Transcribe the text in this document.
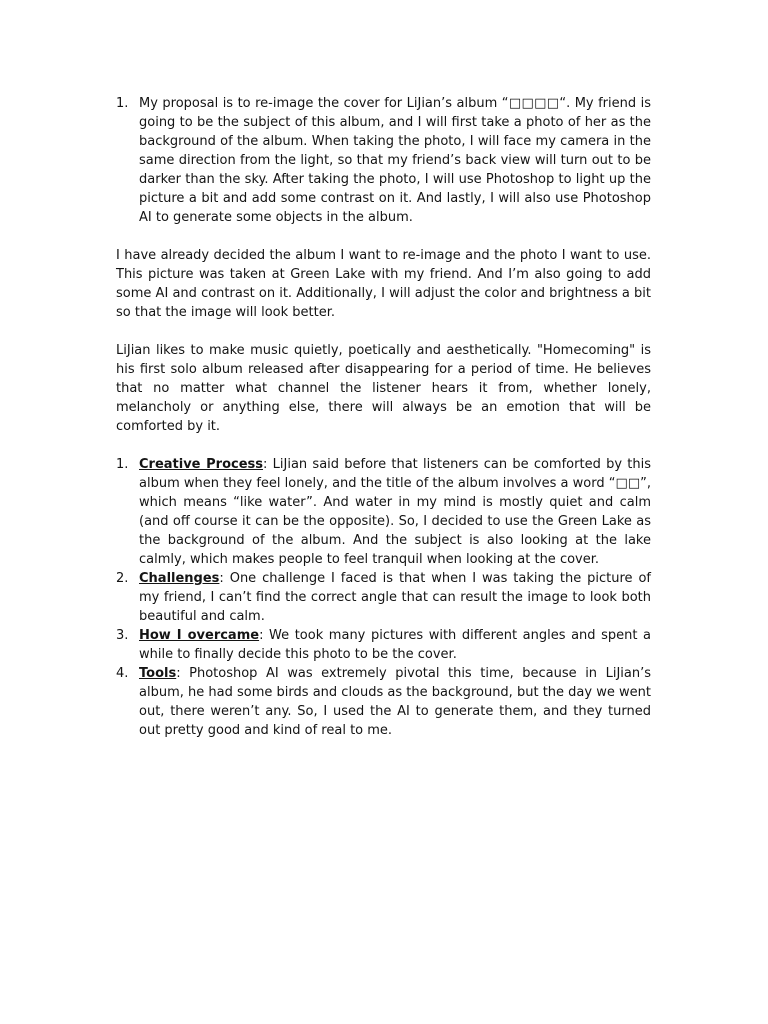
1. My proposal is to re-image the cover for LiJian’s album “□□□□“. My friend is going to be the subject of this album, and I will first take a photo of her as the background of the album. When taking the photo, I will face my camera in the same direction from the light, so that my friend’s back view will turn out to be darker than the sky. After taking the photo, I will use Photoshop to light up the picture a bit and add some contrast on it. And lastly, I will also use Photoshop AI to generate some objects in the album.

I have already decided the album I want to re-image and the photo I want to use. This picture was taken at Green Lake with my friend. And I’m also going to add some AI and contrast on it. Additionally, I will adjust the color and brightness a bit so that the image will look better.

LiJian likes to make music quietly, poetically and aesthetically. "Homecoming" is his first solo album released after disappearing for a period of time. He believes that no matter what channel the listener hears it from, whether lonely, melancholy or anything else, there will always be an emotion that will be comforted by it.

1. Creative Process: LiJian said before that listeners can be comforted by this album when they feel lonely, and the title of the album involves a word “□□”, which means “like water”. And water in my mind is mostly quiet and calm (and off course it can be the opposite). So, I decided to use the Green Lake as the background of the album. And the subject is also looking at the lake calmly, which makes people to feel tranquil when looking at the cover.
2. Challenges: One challenge I faced is that when I was taking the picture of my friend, I can’t find the correct angle that can result the image to look both beautiful and calm.
3. How I overcame: We took many pictures with different angles and spent a while to finally decide this photo to be the cover.
4. Tools: Photoshop AI was extremely pivotal this time, because in LiJian’s album, he had some birds and clouds as the background, but the day we went out, there weren’t any. So, I used the AI to generate them, and they turned out pretty good and kind of real to me.
